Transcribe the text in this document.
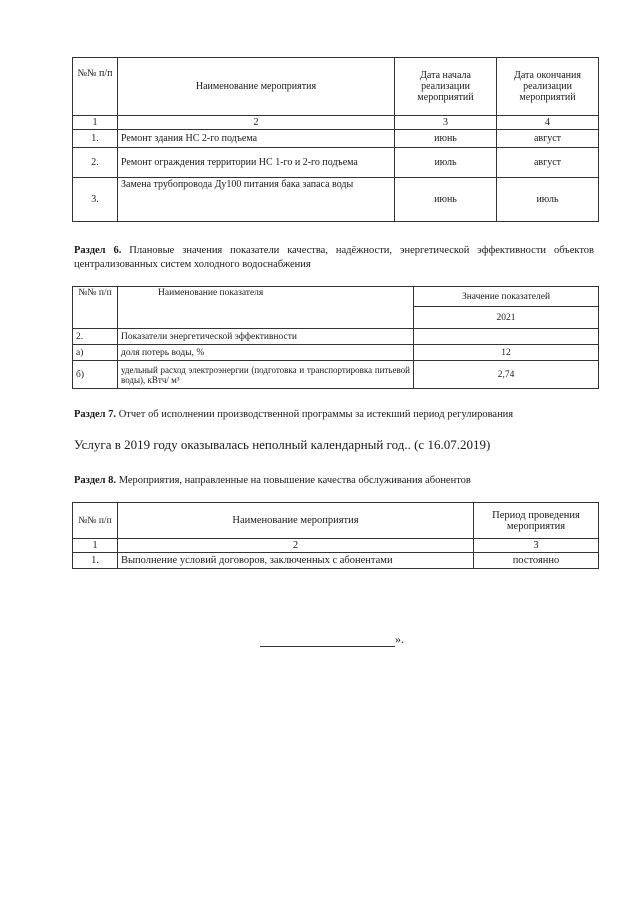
№№ п/п	Наименование мероприятия	Дата начала реализации мероприятий	Дата окончания реализации мероприятий
1	2	3	4
1.	Ремонт здания НС 2-го подъема	июнь	август
2.	Ремонт ограждения территории НС 1-го и 2-го подъема	июль	август
3.	Замена трубопровода Ду100 питания бака запаса воды	июнь	июль
Раздел 6. Плановые значения показатели качества, надёжности, энергетической эффективности объектов централизованных систем холодного водоснабжения
№№ п/п	Наименование показателя	Значение показателей
		2021
2.	Показатели энергетической эффективности	
а)	доля потерь воды, %	12
б)	удельный расход электроэнергии (подготовка и транспортировка питьевой воды), кВтч/ м³	2,74
Раздел 7. Отчет об исполнении производственной программы за истекший период регулирования
Услуга в 2019 году оказывалась неполный календарный год.. (с 16.07.2019)
Раздел 8. Мероприятия, направленные на повышение качества обслуживания абонентов
№№ п/п	Наименование мероприятия	Период проведения мероприятия
1	2	3
1.	Выполнение условий договоров, заключенных с абонентами	постоянно
».
